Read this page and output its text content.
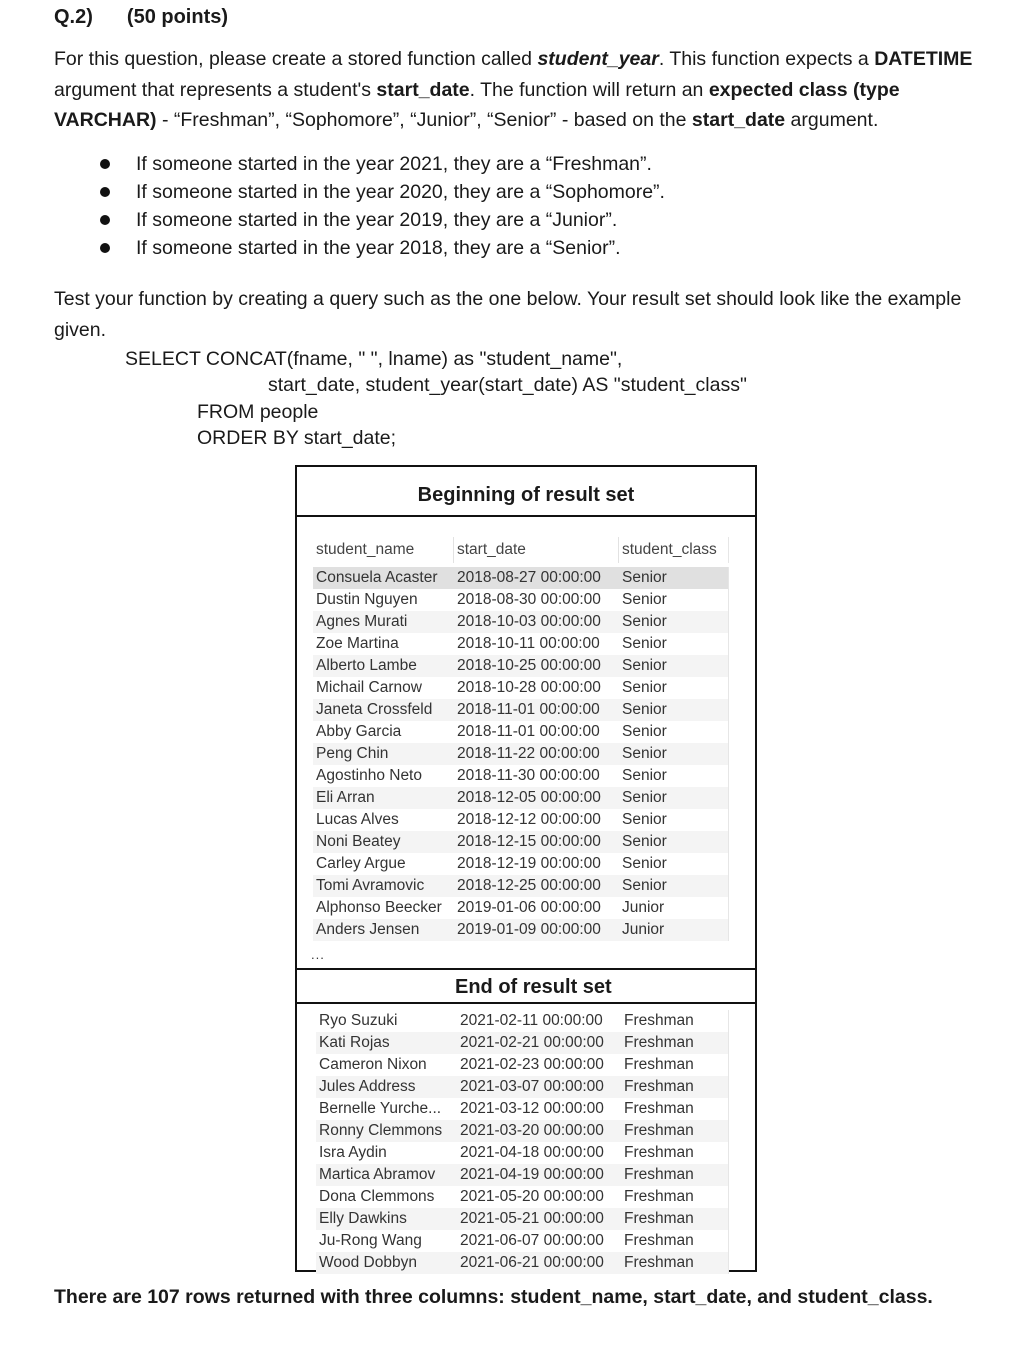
Q.2) (50 points)
For this question, please create a stored function called student_year. This function expects a DATETIME argument that represents a student's start_date. The function will return an expected class (type VARCHAR) - “Freshman”, “Sophomore”, “Junior”, “Senior” - based on the start_date argument.
If someone started in the year 2021, they are a “Freshman”.
If someone started in the year 2020, they are a “Sophomore”.
If someone started in the year 2019, they are a “Junior”.
If someone started in the year 2018, they are a “Senior”.
Test your function by creating a query such as the one below. Your result set should look like the example given.
SELECT CONCAT(fname, " ", lname) as "student_name",
start_date, student_year(start_date) AS "student_class"
FROM people
ORDER BY start_date;
Beginning of result set
student_name	start_date	student_class
Consuela Acaster	2018-08-27 00:00:00	Senior
Dustin Nguyen	2018-08-30 00:00:00	Senior
Agnes Murati	2018-10-03 00:00:00	Senior
Zoe Martina	2018-10-11 00:00:00	Senior
Alberto Lambe	2018-10-25 00:00:00	Senior
Michail Carnow	2018-10-28 00:00:00	Senior
Janeta Crossfeld	2018-11-01 00:00:00	Senior
Abby Garcia	2018-11-01 00:00:00	Senior
Peng Chin	2018-11-22 00:00:00	Senior
Agostinho Neto	2018-11-30 00:00:00	Senior
Eli Arran	2018-12-05 00:00:00	Senior
Lucas Alves	2018-12-12 00:00:00	Senior
Noni Beatey	2018-12-15 00:00:00	Senior
Carley Argue	2018-12-19 00:00:00	Senior
Tomi Avramovic	2018-12-25 00:00:00	Senior
Alphonso Beecker 2019-01-06 00:00:00	Junior
Anders Jensen	2019-01-09 00:00:00	Junior
...
End of result set
Ryo Suzuki	2021-02-11 00:00:00	Freshman
Kati Rojas	2021-02-21 00:00:00	Freshman
Cameron Nixon	2021-02-23 00:00:00	Freshman
Jules Address	2021-03-07 00:00:00	Freshman
Bernelle Yurche...	2021-03-12 00:00:00	Freshman
Ronny Clemmons	2021-03-20 00:00:00	Freshman
Isra Aydin	2021-04-18 00:00:00	Freshman
Martica Abramov	2021-04-19 00:00:00	Freshman
Dona Clemmons	2021-05-20 00:00:00	Freshman
Elly Dawkins	2021-05-21 00:00:00	Freshman
Ju-Rong Wang	2021-06-07 00:00:00	Freshman
Wood Dobbyn	2021-06-21 00:00:00	Freshman
There are 107 rows returned with three columns: student_name, start_date, and student_class.
